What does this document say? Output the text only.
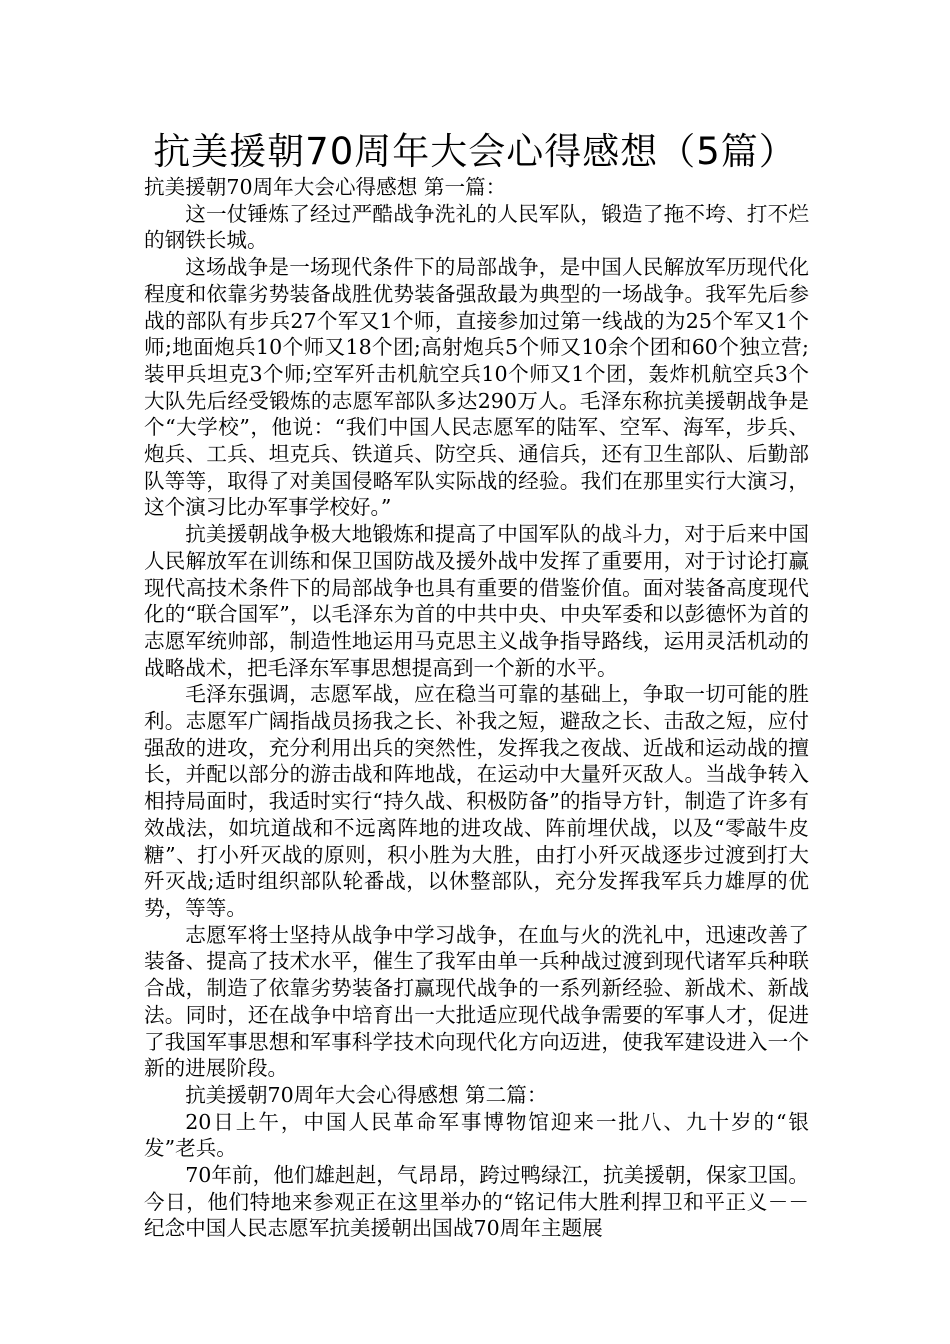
抗美援朝70周年大会心得感想（5篇）

抗美援朝70周年大会心得感想 第一篇：

这一仗锤炼了经过严酷战争洗礼的人民军队，锻造了拖不垮、打不烂的钢铁长城。

这场战争是一场现代条件下的局部战争，是中国人民解放军历现代化程度和依靠劣势装备战胜优势装备强敌最为典型的一场战争。我军先后参战的部队有步兵27个军又1个师，直接参加过第一线战的为25个军又1个师;地面炮兵10个师又18个团;高射炮兵5个师又10余个团和60个独立营;装甲兵坦克3个师;空军歼击机航空兵10个师又1个团，轰炸机航空兵3个大队先后经受锻炼的志愿军部队多达290万人。毛泽东称抗美援朝战争是个“大学校”，他说：“我们中国人民志愿军的陆军、空军、海军，步兵、炮兵、工兵、坦克兵、铁道兵、防空兵、通信兵，还有卫生部队、后勤部队等等，取得了对美国侵略军队实际战的经验。我们在那里实行大演习，这个演习比办军事学校好。”

抗美援朝战争极大地锻炼和提高了中国军队的战斗力，对于后来中国人民解放军在训练和保卫国防战及援外战中发挥了重要用，对于讨论打赢现代高技术条件下的局部战争也具有重要的借鉴价值。面对装备高度现代化的“联合国军”，以毛泽东为首的中共中央、中央军委和以彭德怀为首的志愿军统帅部，制造性地运用马克思主义战争指导路线，运用灵活机动的战略战术，把毛泽东军事思想提高到一个新的水平。

毛泽东强调，志愿军战，应在稳当可靠的基础上，争取一切可能的胜利。志愿军广阔指战员扬我之长、补我之短，避敌之长、击敌之短，应付强敌的进攻，充分利用出兵的突然性，发挥我之夜战、近战和运动战的擅长，并配以部分的游击战和阵地战，在运动中大量歼灭敌人。当战争转入相持局面时，我适时实行“持久战、积极防备”的指导方针，制造了许多有效战法，如坑道战和不远离阵地的进攻战、阵前埋伏战，以及“零敲牛皮糖”、打小歼灭战的原则，积小胜为大胜，由打小歼灭战逐步过渡到打大歼灭战;适时组织部队轮番战，以休整部队，充分发挥我军兵力雄厚的优势，等等。

志愿军将士坚持从战争中学习战争，在血与火的洗礼中，迅速改善了装备、提高了技术水平，催生了我军由单一兵种战过渡到现代诸军兵种联合战，制造了依靠劣势装备打赢现代战争的一系列新经验、新战术、新战法。同时，还在战争中培育出一大批适应现代战争需要的军事人才，促进了我国军事思想和军事科学技术向现代化方向迈进，使我军建设进入一个新的进展阶段。

抗美援朝70周年大会心得感想 第二篇：

20日上午，中国人民革命军事博物馆迎来一批八、九十岁的“银发”老兵。

70年前，他们雄赳赳，气昂昂，跨过鸭绿江，抗美援朝，保家卫国。今日，他们特地来参观正在这里举办的“铭记伟大胜利捍卫和平正义－－纪念中国人民志愿军抗美援朝出国战70周年主题展
